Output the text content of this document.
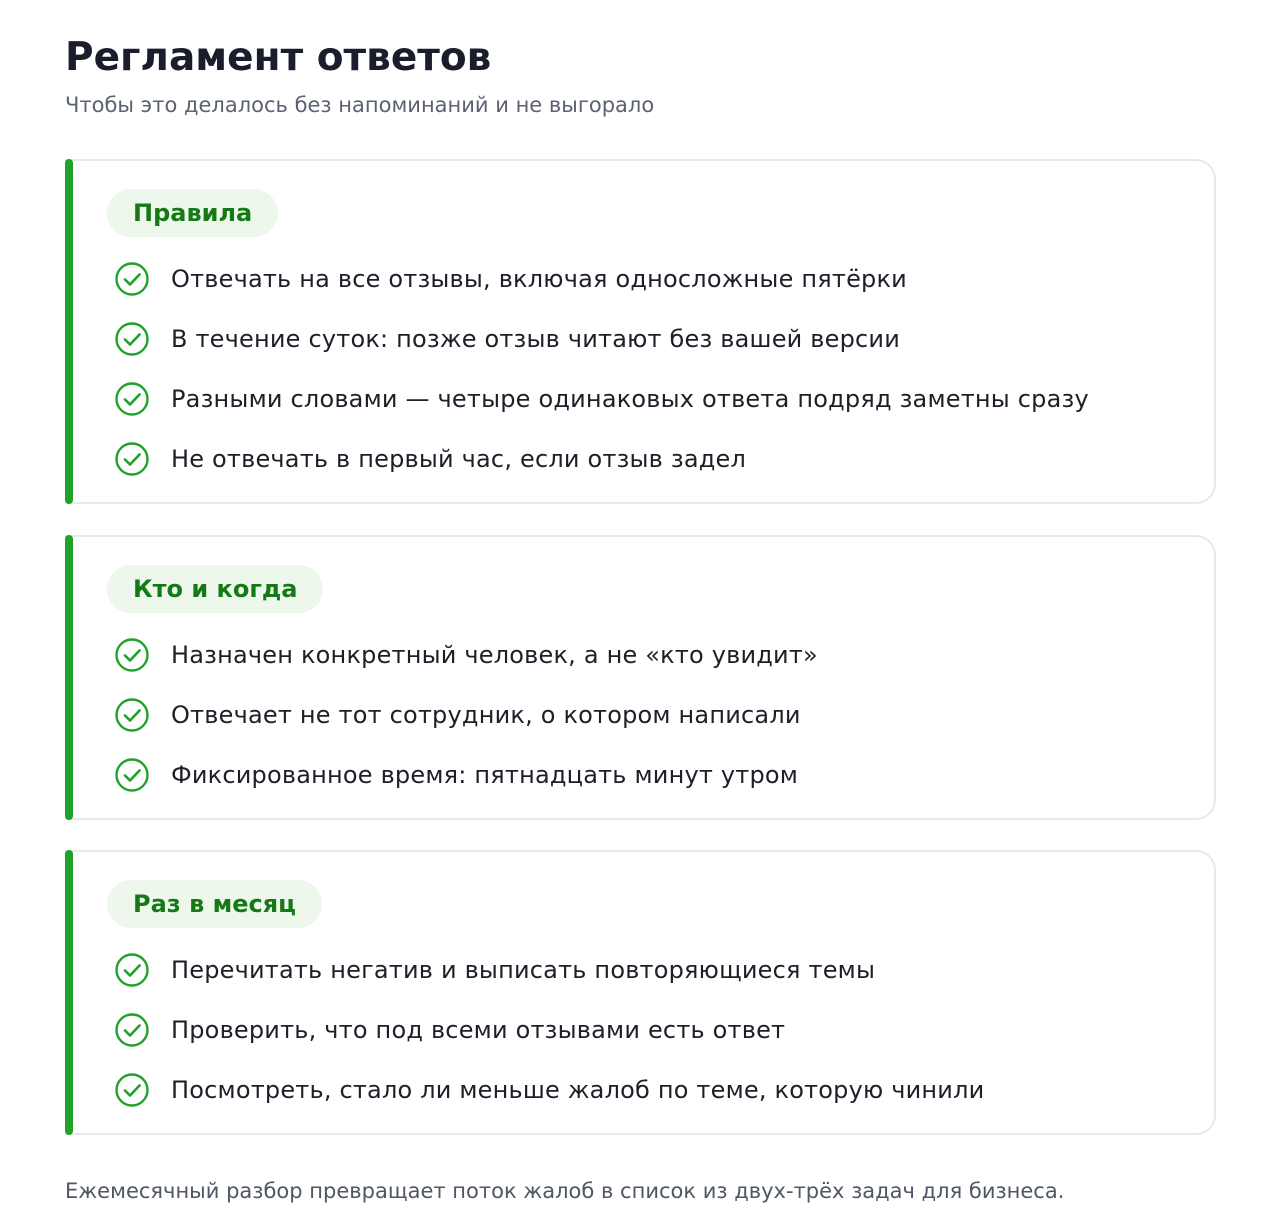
Регламент ответов

Чтобы это делалось без напоминаний и не выгорало

Правила
Отвечать на все отзывы, включая односложные пятёрки
В течение суток: позже отзыв читают без вашей версии
Разными словами — четыре одинаковых ответа подряд заметны сразу
Не отвечать в первый час, если отзыв задел
Кто и когда
Назначен конкретный человек, а не «кто увидит»
Отвечает не тот сотрудник, о котором написали
Фиксированное время: пятнадцать минут утром
Раз в месяц
Перечитать негатив и выписать повторяющиеся темы
Проверить, что под всеми отзывами есть ответ
Посмотреть, стало ли меньше жалоб по теме, которую чинили

Ежемесячный разбор превращает поток жалоб в список из двух-трёх задач для бизнеса.
